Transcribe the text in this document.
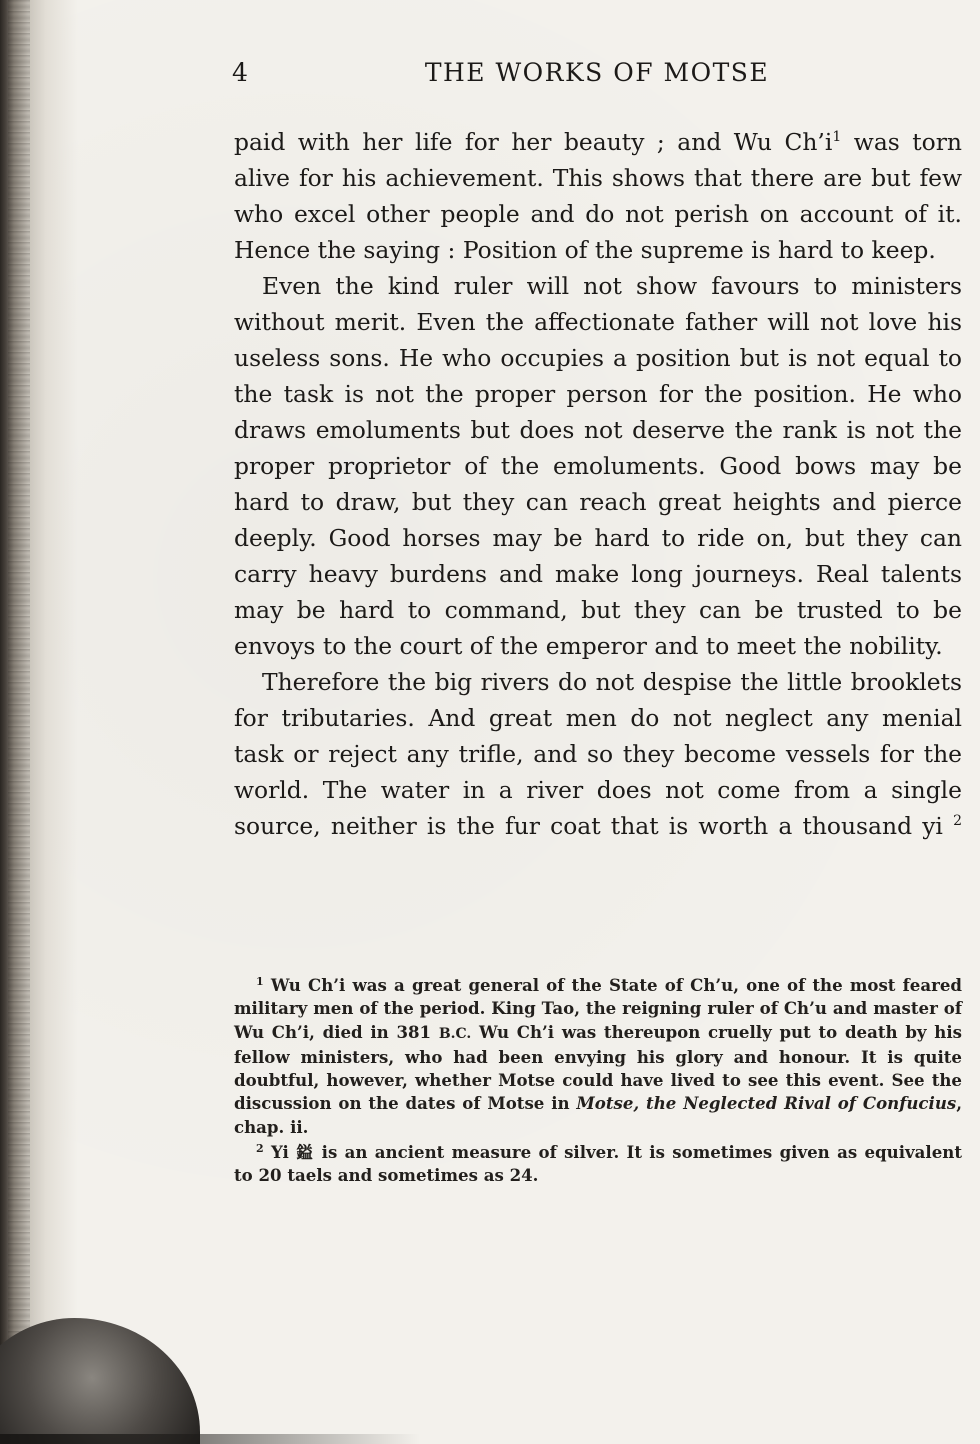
4	THE WORKS OF MOTSE

paid with her life for her beauty ; and Wu Ch’i$^1$ was torn alive for his achievement. This shows that there are but few who excel other people and do not perish on account of it. Hence the saying : Position of the supreme is hard to keep.

Even the kind ruler will not show favours to ministers without merit. Even the affectionate father will not love his useless sons. He who occupies a position but is not equal to the task is not the proper person for the position. He who draws emoluments but does not deserve the rank is not the proper proprietor of the emoluments. Good bows may be hard to draw, but they can reach great heights and pierce deeply. Good horses may be hard to ride on, but they can carry heavy burdens and make long journeys. Real talents may be hard to command, but they can be trusted to be envoys to the court of the emperor and to meet the nobility.

Therefore the big rivers do not despise the little brooklets for tributaries. And great men do not neglect any menial task or reject any trifle, and so they become vessels for the world. The water in a river does not come from a single source, neither is the fur coat that is worth a thousand yi $^2$

$^1$ Wu Ch’i was a great general of the State of Ch’u, one of the most feared military men of the period. King Tao, the reigning ruler of Ch’u and master of Wu Ch’i, died in 381 B.C. Wu Ch’i was thereupon cruelly put to death by his fellow ministers, who had been envying his glory and honour. It is quite doubtful, however, whether Motse could have lived to see this event. See the discussion on the dates of Motse in Motse, the Neglected Rival of Confucius, chap. ii.

$^2$ Yi 鎰 is an ancient measure of silver. It is sometimes given as equivalent to 20 taels and sometimes as 24.
